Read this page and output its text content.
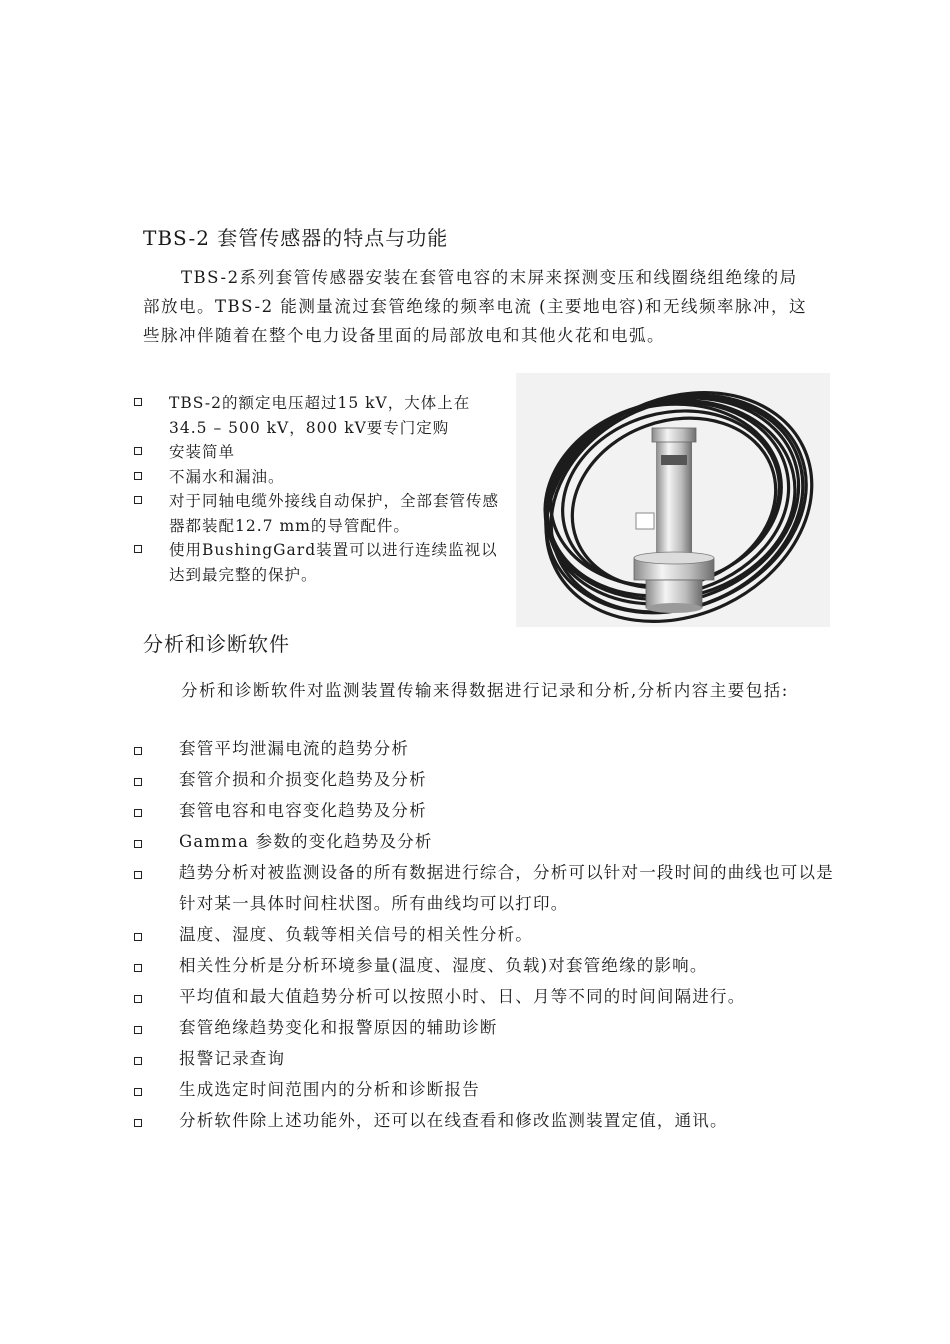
TBS-2 套管传感器的特点与功能

TBS-2系列套管传感器安装在套管电容的末屏来探测变压和线圈绕组绝缘的局部放电。TBS-2 能测量流过套管绝缘的频率电流 (主要地电容)和无线频率脉冲，这些脉冲伴随着在整个电力设备里面的局部放电和其他火花和电弧。

TBS-2的额定电压超过15 kV，大体上在 34.5 – 500 kV，800 kV要专门定购
安装简单
不漏水和漏油。
对于同轴电缆外接线自动保护，全部套管传感器都装配12.7 mm的导管配件。
使用BushingGard装置可以进行连续监视以达到最完整的保护。
分析和诊断软件

分析和诊断软件对监测装置传输来得数据进行记录和分析,分析内容主要包括:

套管平均泄漏电流的趋势分析
套管介损和介损变化趋势及分析
套管电容和电容变化趋势及分析
Gamma 参数的变化趋势及分析
趋势分析对被监测设备的所有数据进行综合，分析可以针对一段时间的曲线也可以是针对某一具体时间柱状图。所有曲线均可以打印。
温度、湿度、负载等相关信号的相关性分析。
相关性分析是分析环境参量(温度、湿度、负载)对套管绝缘的影响。
平均值和最大值趋势分析可以按照小时、日、月等不同的时间间隔进行。
套管绝缘趋势变化和报警原因的辅助诊断
报警记录查询
生成选定时间范围内的分析和诊断报告
分析软件除上述功能外，还可以在线查看和修改监测装置定值，通讯。
